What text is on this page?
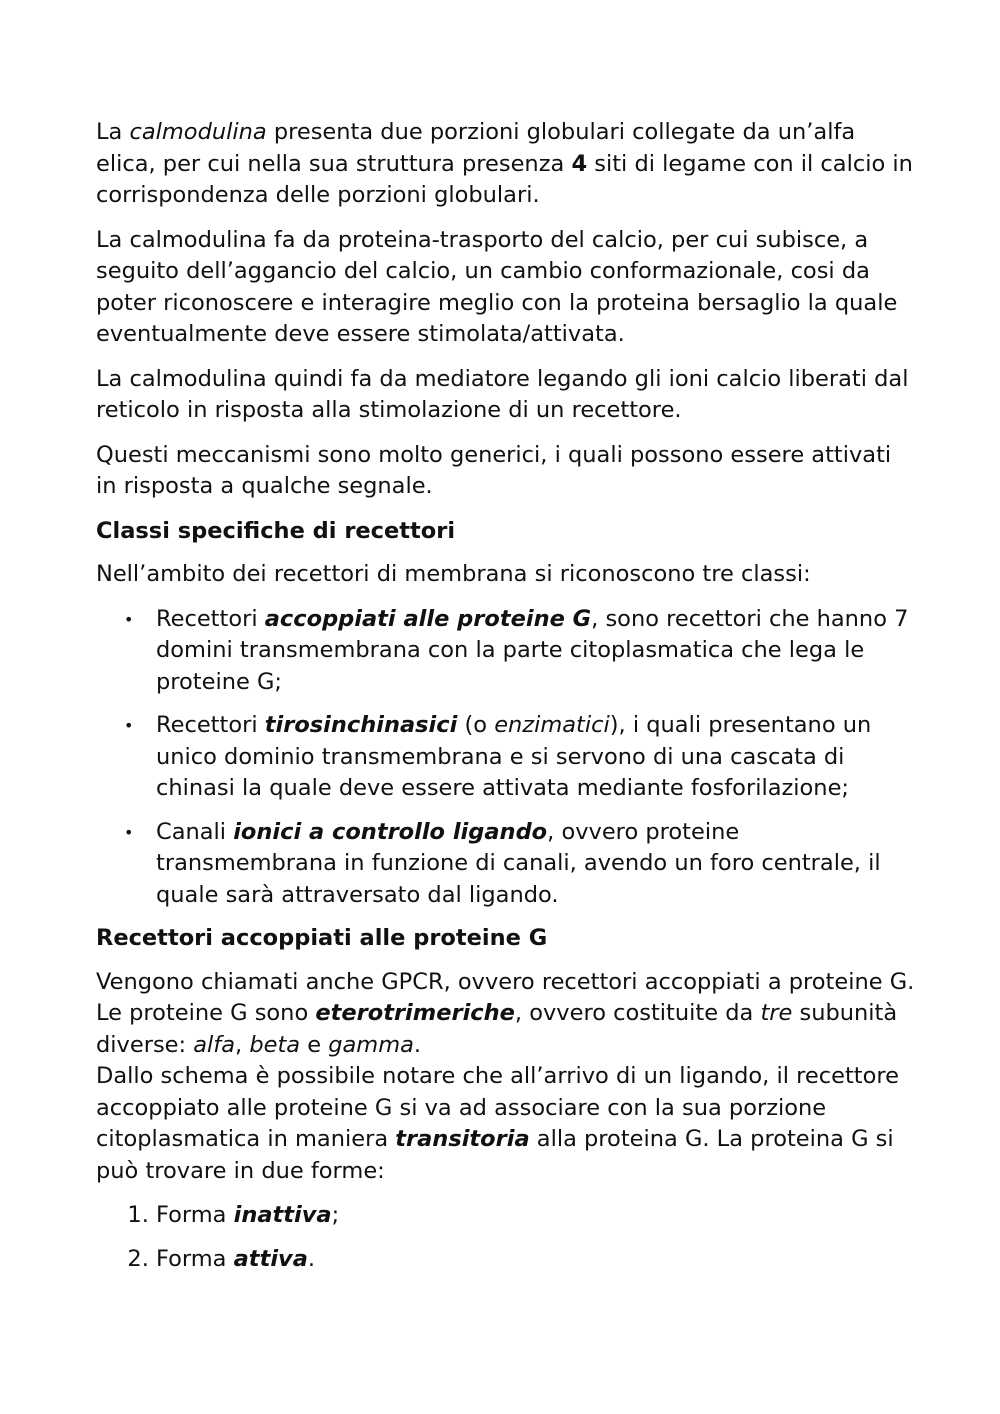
La calmodulina presenta due porzioni globulari collegate da un’alfa elica, per cui nella sua struttura presenza 4 siti di legame con il calcio in corrispondenza delle porzioni globulari.

La calmodulina fa da proteina-trasporto del calcio, per cui subisce, a seguito dell’aggancio del calcio, un cambio conformazionale, cosi da poter riconoscere e interagire meglio con la proteina bersaglio la quale eventualmente deve essere stimolata/attivata.

La calmodulina quindi fa da mediatore legando gli ioni calcio liberati dal reticolo in risposta alla stimolazione di un recettore.

Questi meccanismi sono molto generici, i quali possono essere attivati in risposta a qualche segnale.

Classi specifiche di recettori

Nell’ambito dei recettori di membrana si riconoscono tre classi:

• Recettori accoppiati alle proteine G, sono recettori che hanno 7 domini transmembrana con la parte citoplasmatica che lega le proteine G;
• Recettori tirosinchinasici (o enzimatici), i quali presentano un unico dominio transmembrana e si servono di una cascata di chinasi la quale deve essere attivata mediante fosforilazione;
• Canali ionici a controllo ligando, ovvero proteine transmembrana in funzione di canali, avendo un foro centrale, il quale sarà attraversato dal ligando.
Recettori accoppiati alle proteine G

Vengono chiamati anche GPCR, ovvero recettori accoppiati a proteine G. Le proteine G sono eterotrimeriche, ovvero costituite da tre subunità diverse: alfa, beta e gamma.

Dallo schema è possibile notare che all’arrivo di un ligando, il recettore accoppiato alle proteine G si va ad associare con la sua porzione citoplasmatica in maniera transitoria alla proteina G. La proteina G si può trovare in due forme:

1. Forma inattiva;
2. Forma attiva.
